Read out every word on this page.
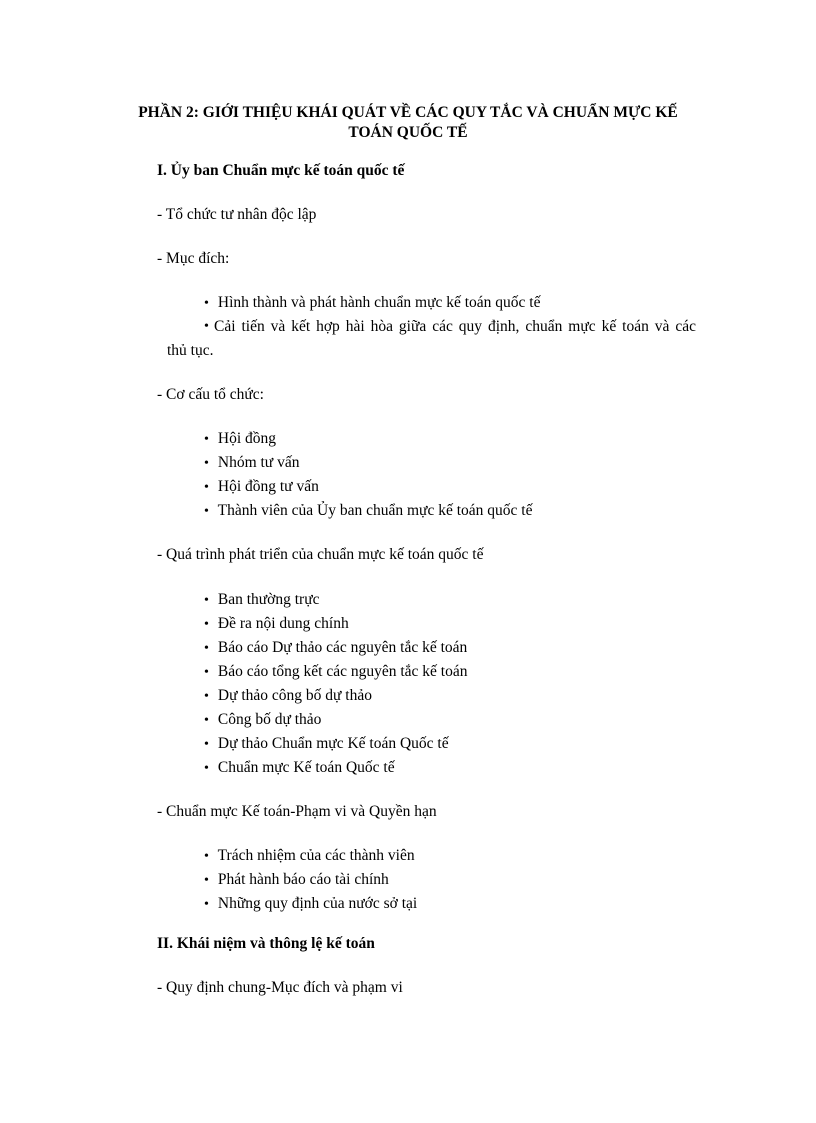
PHẦN 2: GIỚI THIỆU KHÁI QUÁT VỀ CÁC QUY TẮC VÀ CHUẨN MỰC KẾ
TOÁN QUỐC TẾ
I. Ủy ban Chuẩn mực kế toán quốc tế
- Tổ chức tư nhân độc lập
- Mục đích:
• Hình thành và phát hành chuẩn mực kế toán quốc tế
• Cải tiến và kết hợp hài hòa giữa các quy định, chuẩn mực kế toán và các
thủ tục.
- Cơ cấu tổ chức:
• Hội đồng
• Nhóm tư vấn
• Hội đồng tư vấn
• Thành viên của Ủy ban chuẩn mực kế toán quốc tế
- Quá trình phát triển của chuẩn mực kế toán quốc tế
• Ban thường trực
• Đề ra nội dung chính
• Báo cáo Dự thảo các nguyên tắc kế toán
• Báo cáo tổng kết các nguyên tắc kế toán
• Dự thảo công bố dự thảo
• Công bố dự thảo
• Dự thảo Chuẩn mực Kế toán Quốc tế
• Chuẩn mực Kế toán Quốc tế
- Chuẩn mực Kế toán-Phạm vi và Quyền hạn
• Trách nhiệm của các thành viên
• Phát hành báo cáo tài chính
• Những quy định của nước sở tại
II. Khái niệm và thông lệ kế toán
- Quy định chung-Mục đích và phạm vi
